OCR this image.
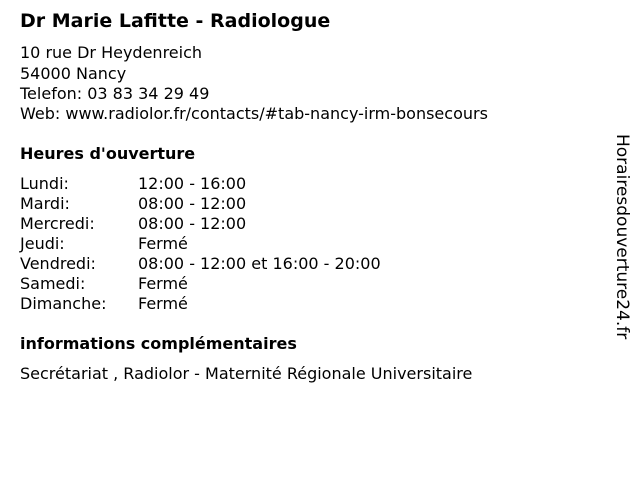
Dr Marie Lafitte - Radiologue
10 rue Dr Heydenreich
54000 Nancy
Telefon: 03 83 34 29 49
Web: www.radiolor.fr/contacts/#tab-nancy-irm-bonsecours
Heures d'ouverture
Lundi:	12:00 - 16:00
Mardi:	08:00 - 12:00
Mercredi:	08:00 - 12:00
Jeudi:	Fermé
Vendredi:	08:00 - 12:00 et 16:00 - 20:00
Samedi:	Fermé
Dimanche: Fermé
informations complémentaires
Secrétariat , Radiolor - Maternité Régionale Universitaire
Horairesdouverture24.fr
